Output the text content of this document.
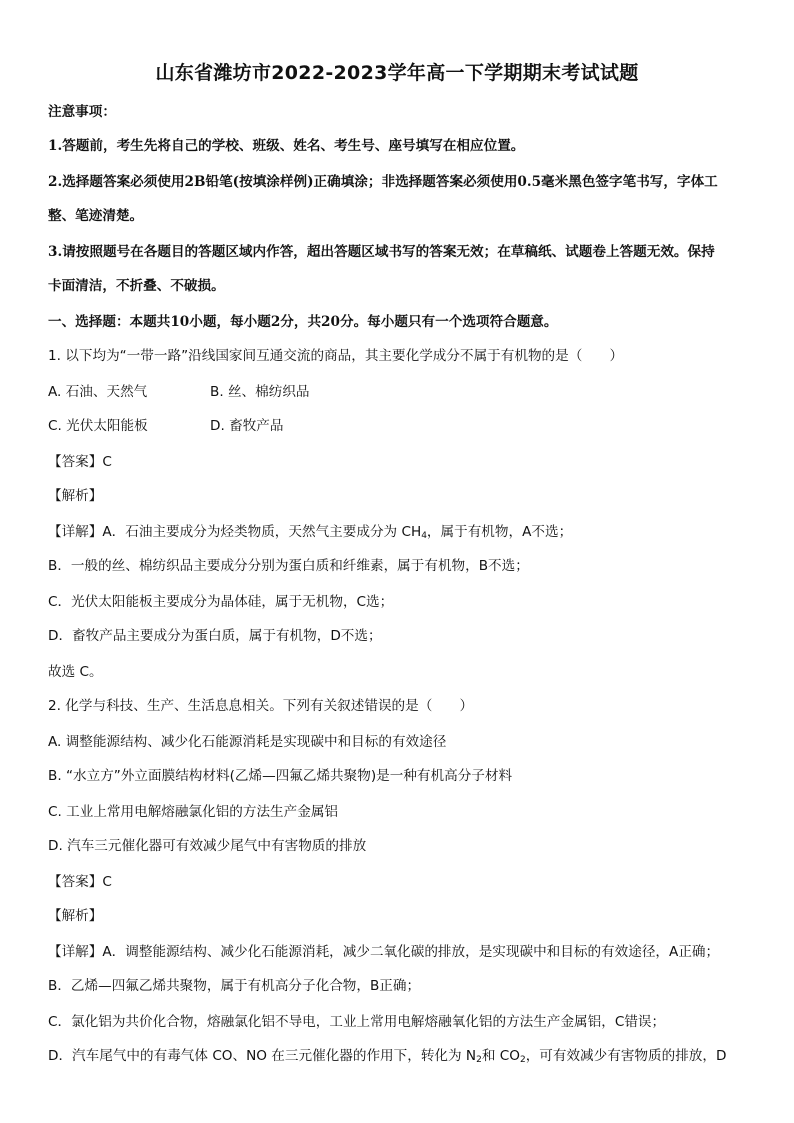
山东省潍坊市2022-2023学年高一下学期期末考试试题
注意事项：
1.答题前，考生先将自己的学校、班级、姓名、考生号、座号填写在相应位置。
2.选择题答案必须使用2B铅笔(按填涂样例)正确填涂；非选择题答案必须使用0.5毫米黑色签字笔书写，字体工
整、笔迹清楚。
3.请按照题号在各题目的答题区域内作答，超出答题区域书写的答案无效；在草稿纸、试题卷上答题无效。保持
卡面清洁，不折叠、不破损。
一、选择题：本题共10小题，每小题2分，共20分。每小题只有一个选项符合题意。
1. 以下均为“一带一路”沿线国家间互通交流的商品，其主要化学成分不属于有机物的是（　　）
A. 石油、天然气	B. 丝、棉纺织品
C. 光伏太阳能板	D. 畜牧产品
【答案】C
【解析】
【详解】A．石油主要成分为烃类物质，天然气主要成分为 $CH_4$，属于有机物，A不选；
B．一般的丝、棉纺织品主要成分分别为蛋白质和纤维素，属于有机物，B不选；
C．光伏太阳能板主要成分为晶体硅，属于无机物，C选；
D．畜牧产品主要成分为蛋白质，属于有机物，D不选；
故选 C。
2. 化学与科技、生产、生活息息相关。下列有关叙述错误的是（　　）
A. 调整能源结构、减少化石能源消耗是实现碳中和目标的有效途径
B. “水立方”外立面膜结构材料(乙烯—四氟乙烯共聚物)是一种有机高分子材料
C. 工业上常用电解熔融氯化铝的方法生产金属铝
D. 汽车三元催化器可有效减少尾气中有害物质的排放
【答案】C
【解析】
【详解】A．调整能源结构、减少化石能源消耗，减少二氧化碳的排放，是实现碳中和目标的有效途径，A正确；
B．乙烯—四氟乙烯共聚物，属于有机高分子化合物，B正确；
C．氯化铝为共价化合物，熔融氯化铝不导电，工业上常用电解熔融氧化铝的方法生产金属铝，C错误；
D．汽车尾气中的有毒气体 CO、NO 在三元催化器的作用下，转化为 $N_2$和 $CO_2$，可有效减少有害物质的排放，D
